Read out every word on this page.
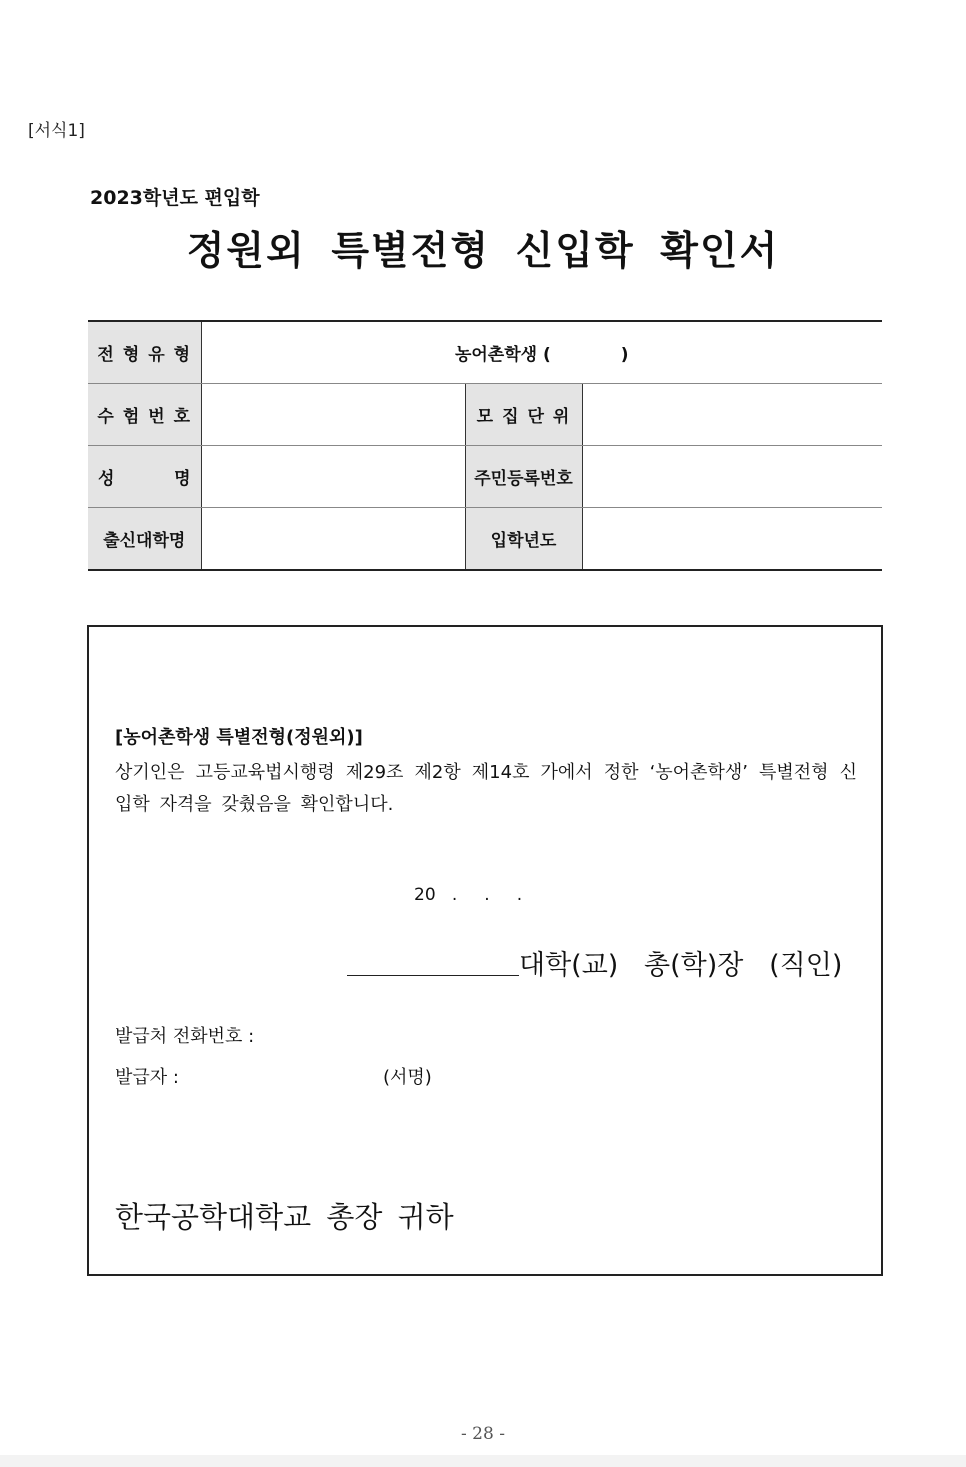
[서식1]
2023학년도 편입학
정원외 특별전형 신입학 확인서
전형유형	농어촌학생 ( )		
수험번호		모집단위	

성 명		주민등록번호	
출신대학명		입학년도	
[농어촌학생 특별전형(정원외)]
상기인은 고등교육법시행령 제29조 제2항 제14호 가에서 정한 ‘농어촌학생’ 특별전형 신입학 자격을 갖췄음을 확인합니다.
20   .     .     .
대학(교)   총(학)장   (직인)
발급처 전화번호 :
발급자 :	(서명)
한국공학대학교 총장 귀하
- 28 -
